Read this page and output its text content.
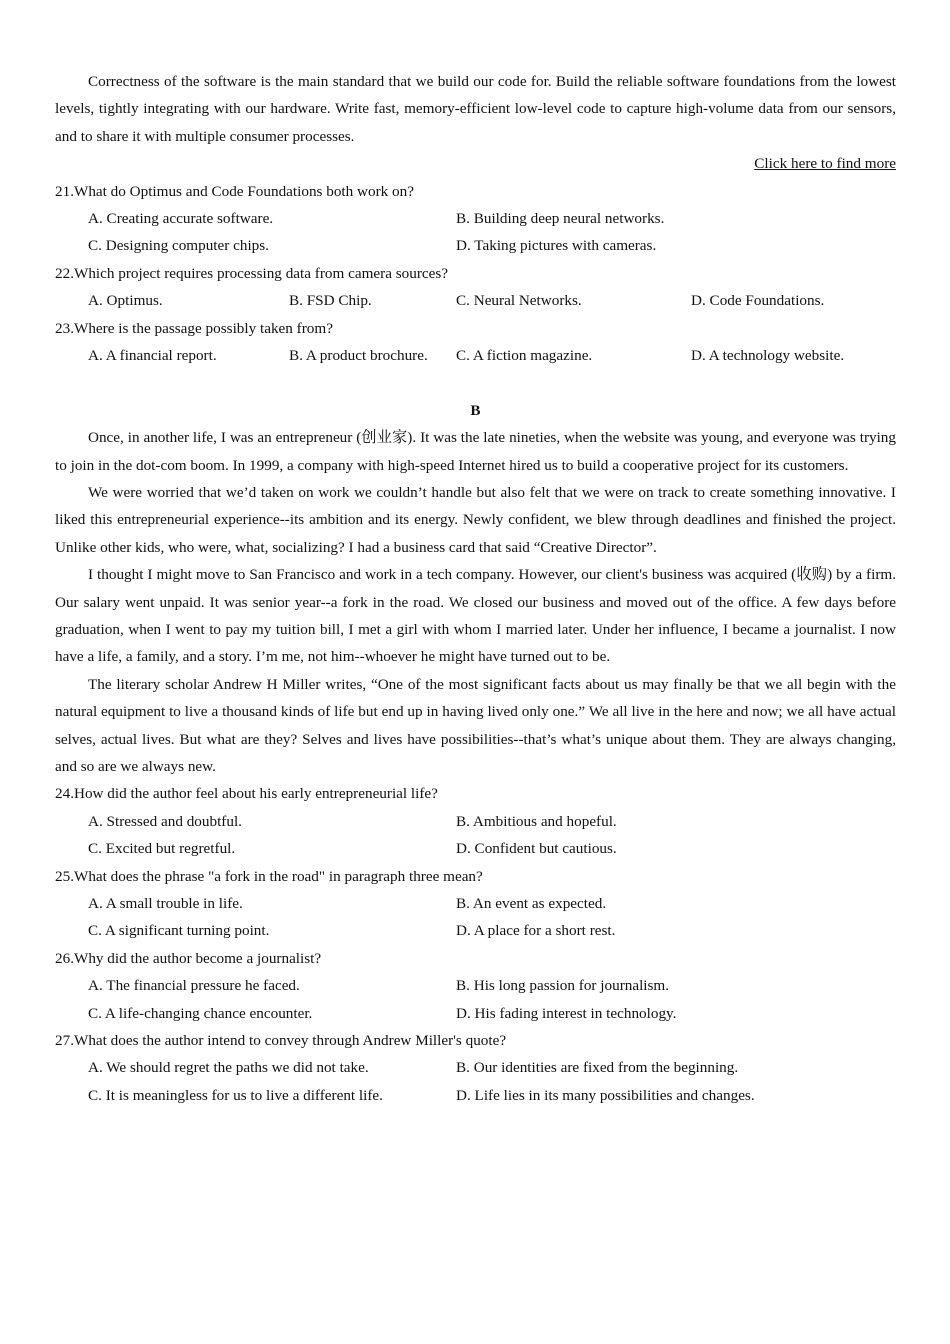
Correctness of the software is the main standard that we build our code for. Build the reliable software foundations from the lowest levels, tightly integrating with our hardware. Write fast, memory-efficient low-level code to capture high-volume data from our sensors, and to share it with multiple consumer processes.

Click here to find more
21.What do Optimus and Code Foundations both work on?
A. Creating accurate software.	B. Building deep neural networks.
C. Designing computer chips.	D. Taking pictures with cameras.
22.Which project requires processing data from camera sources?
A. Optimus.	B. FSD Chip.	C. Neural Networks.	D. Code Foundations.
23.Where is the passage possibly taken from?
A. A financial report.	B. A product brochure. C. A fiction magazine.	D. A technology website.
B

Once, in another life, I was an entrepreneur (创业家). It was the late nineties, when the website was young, and everyone was trying to join in the dot-com boom. In 1999, a company with high-speed Internet hired us to build a cooperative project for its customers.

We were worried that we’d taken on work we couldn’t handle but also felt that we were on track to create something innovative. I liked this entrepreneurial experience--its ambition and its energy. Newly confident, we blew through deadlines and finished the project. Unlike other kids, who were, what, socializing? I had a business card that said “Creative Director”.

I thought I might move to San Francisco and work in a tech company. However, our client's business was acquired (收购) by a firm. Our salary went unpaid. It was senior year--a fork in the road. We closed our business and moved out of the office. A few days before graduation, when I went to pay my tuition bill, I met a girl with whom I married later. Under her influence, I became a journalist. I now have a life, a family, and a story. I’m me, not him--whoever he might have turned out to be.

The literary scholar Andrew H Miller writes, “One of the most significant facts about us may finally be that we all begin with the natural equipment to live a thousand kinds of life but end up in having lived only one.” We all live in the here and now; we all have actual selves, actual lives. But what are they? Selves and lives have possibilities--that’s what’s unique about them. They are always changing, and so are we always new.

24.How did the author feel about his early entrepreneurial life?
A. Stressed and doubtful.	B. Ambitious and hopeful.
C. Excited but regretful.	D. Confident but cautious.
25.What does the phrase "a fork in the road" in paragraph three mean?
A. A small trouble in life.	B. An event as expected.
C. A significant turning point.	D. A place for a short rest.
26.Why did the author become a journalist?
A. The financial pressure he faced.	B. His long passion for journalism.
C. A life-changing chance encounter.	D. His fading interest in technology.
27.What does the author intend to convey through Andrew Miller's quote?
A. We should regret the paths we did not take.	B. Our identities are fixed from the beginning.
C. It is meaningless for us to live a different life.	D. Life lies in its many possibilities and changes.
